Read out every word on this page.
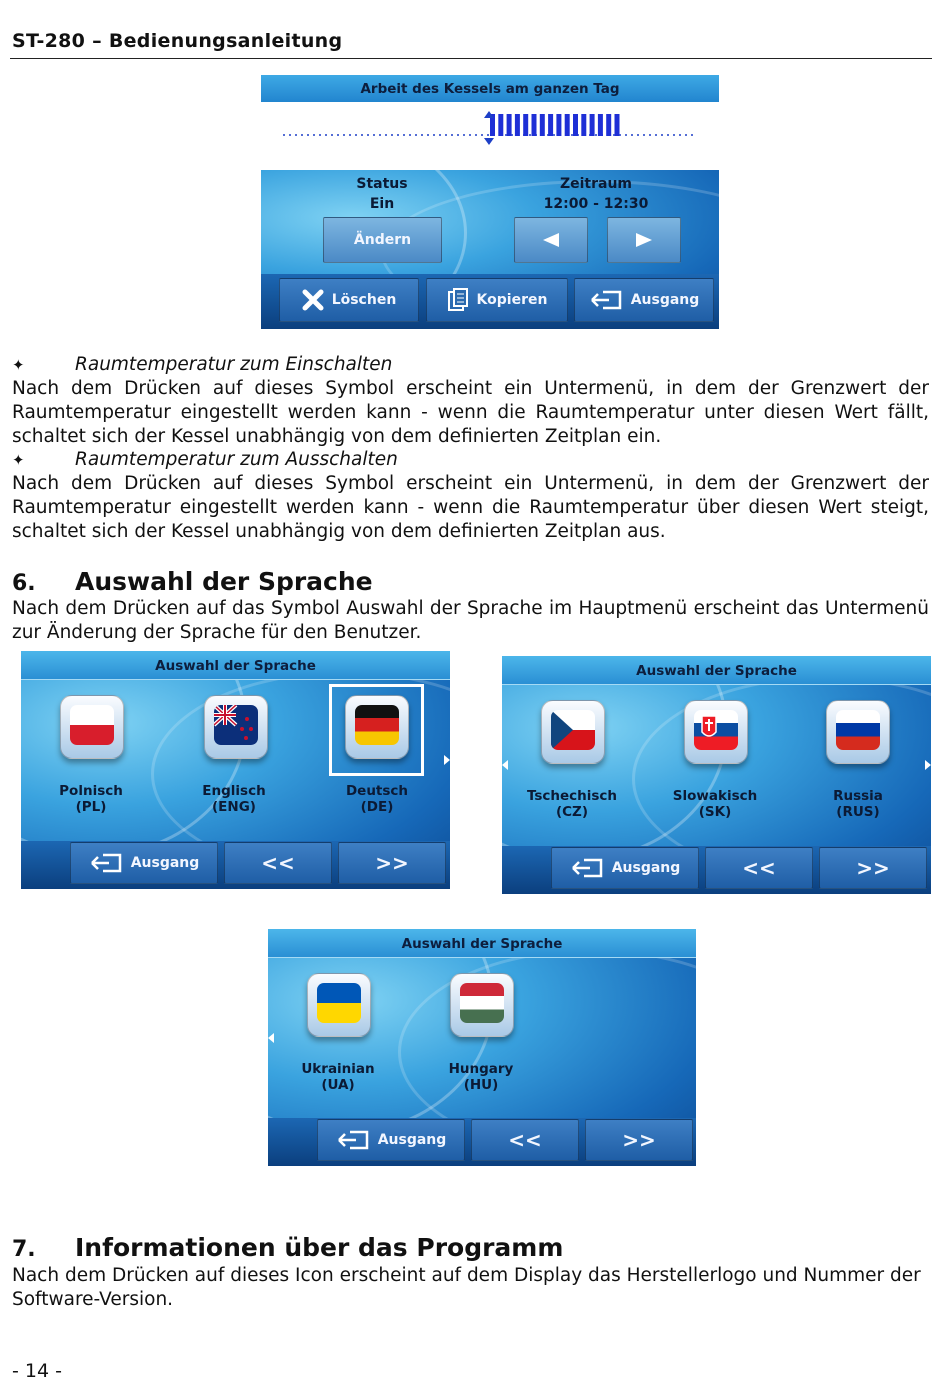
ST-280 – Bedienungsanleitung
Arbeit des Kessels am ganzen Tag
Status
Ein
Zeitraum
12:00 - 12:30
Ändern
Löschen	Kopieren	Ausgang
✦	Raumtemperatur zum Einschalten
Nach dem Drücken auf dieses Symbol erscheint ein Untermenü, in dem der Grenzwert der Raumtemperatur eingestellt werden kann - wenn die Raumtemperatur unter diesen Wert fällt, schaltet sich der Kessel unabhängig von dem definierten Zeitplan ein.
✦	Raumtemperatur zum Ausschalten
Nach dem Drücken auf dieses Symbol erscheint ein Untermenü, in dem der Grenzwert der Raumtemperatur eingestellt werden kann - wenn die Raumtemperatur über diesen Wert steigt, schaltet sich der Kessel unabhängig von dem definierten Zeitplan aus.
6. Auswahl der Sprache
Nach dem Drücken auf das Symbol Auswahl der Sprache im Hauptmenü erscheint das Untermenü zur Änderung der Sprache für den Benutzer.
Auswahl der Sprache
Polnisch
(PL)
Englisch
(ENG)
Deutsch
(DE)
Ausgang	<<	>>
Auswahl der Sprache
Tschechisch
(CZ)
Slowakisch
(SK)
Russia
(RUS)
Ausgang	<<	>>
Auswahl der Sprache
Ukrainian
(UA)
Hungary
(HU)
Ausgang	<<	>>
7. Informationen über das Programm
Nach dem Drücken auf dieses Icon erscheint auf dem Display das Herstellerlogo und Nummer der Software-Version.
- 14 -
